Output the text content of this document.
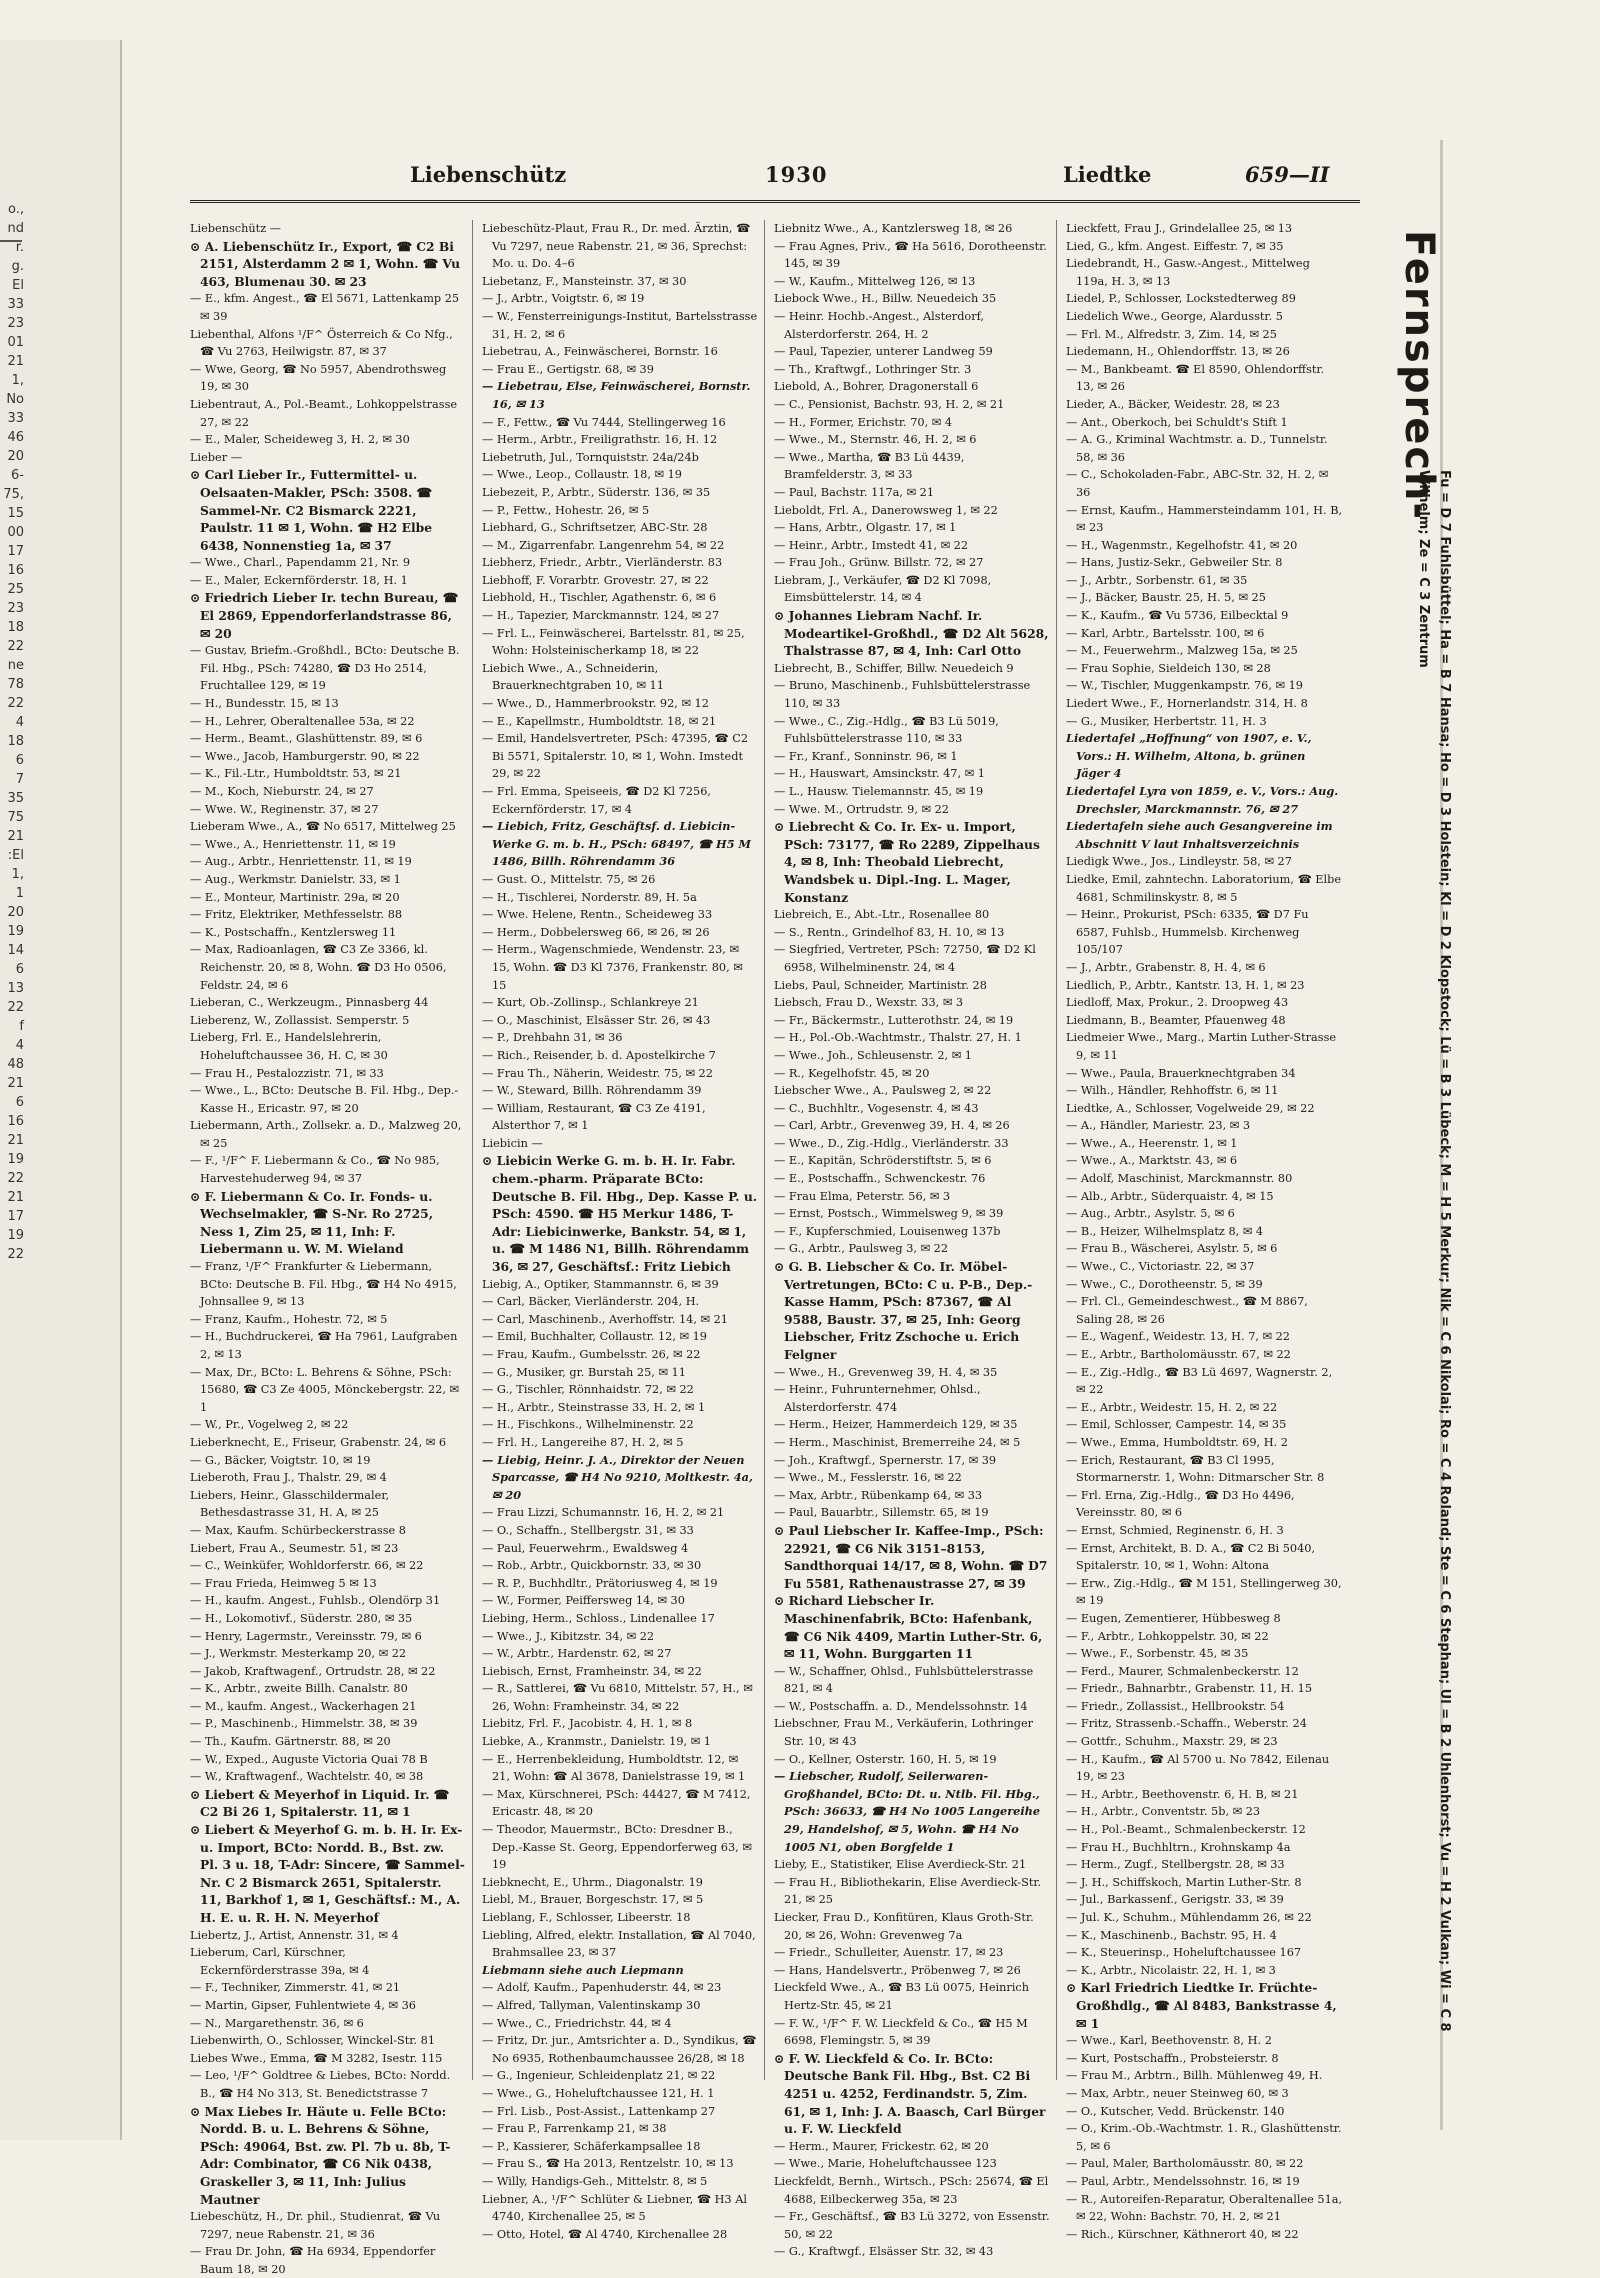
o.,
nd
r.
g.
El
33
23
01
21
1,
No
33
46
20
6-
75,
15
00
17
16
25
23
18
22
ne
78
22
4
18
6
7
35
75
21
:El
1,
1
20
19
14
6
13
22
f
4
48
21
6
16
21
19
22
21
17
19
22
Liebenschütz	1930	Liedtke	659—II
Liebenschütz —
⊙ A. Liebenschütz Ir., Export, ☎ C2 Bi 2151, Alsterdamm 2 ✉ 1, Wohn. ☎ Vu 463, Blumenau 30. ✉ 23
— E., kfm. Angest., ☎ El 5671, Lattenkamp 25 ✉ 39
Liebenthal, Alfons ¹/F^ Österreich & Co Nfg., ☎ Vu 2763, Heilwigstr. 87, ✉ 37
— Wwe, Georg, ☎ No 5957, Abendrothsweg 19, ✉ 30
Liebentraut, A., Pol.-Beamt., Lohkoppelstrasse 27, ✉ 22
— E., Maler, Scheideweg 3, H. 2, ✉ 30
Lieber —
⊙ Carl Lieber Ir., Futtermittel- u. Oelsaaten-Makler, PSch: 3508. ☎ Sammel-Nr. C2 Bismarck 2221, Paulstr. 11 ✉ 1, Wohn. ☎ H2 Elbe 6438, Nonnenstieg 1a, ✉ 37
— Wwe., Charl., Papendamm 21, Nr. 9
— E., Maler, Eckernförderstr. 18, H. 1
⊙ Friedrich Lieber Ir. techn Bureau, ☎ El 2869, Eppendorferlandstrasse 86, ✉ 20
— Gustav, Briefm.-Großhdl., BCto: Deutsche B. Fil. Hbg., PSch: 74280, ☎ D3 Ho 2514, Fruchtallee 129, ✉ 19
— H., Bundesstr. 15, ✉ 13
— H., Lehrer, Oberaltenallee 53a, ✉ 22
— Herm., Beamt., Glashüttenstr. 89, ✉ 6
— Wwe., Jacob, Hamburgerstr. 90, ✉ 22
— K., Fil.-Ltr., Humboldtstr. 53, ✉ 21
— M., Koch, Nieburstr. 24, ✉ 27
— Wwe. W., Reginenstr. 37, ✉ 27
Lieberam Wwe., A., ☎ No 6517, Mittelweg 25
— Wwe., A., Henriettenstr. 11, ✉ 19
— Aug., Arbtr., Henriettenstr. 11, ✉ 19
— Aug., Werkmstr. Danielstr. 33, ✉ 1
— E., Monteur, Martinistr. 29a, ✉ 20
— Fritz, Elektriker, Methfesselstr. 88
— K., Postschaffn., Kentzlersweg 11
— Max, Radioanlagen, ☎ C3 Ze 3366, kl. Reichenstr. 20, ✉ 8, Wohn. ☎ D3 Ho 0506, Feldstr. 24, ✉ 6
Lieberan, C., Werkzeugm., Pinnasberg 44
Lieberenz, W., Zollassist. Semperstr. 5
Lieberg, Frl. E., Handelslehrerin, Hoheluftchaussee 36, H. C, ✉ 30
— Frau H., Pestalozzistr. 71, ✉ 33
— Wwe., L., BCto: Deutsche B. Fil. Hbg., Dep.-Kasse H., Ericastr. 97, ✉ 20
Liebermann, Arth., Zollsekr. a. D., Malzweg 20, ✉ 25
— F., ¹/F^ F. Liebermann & Co., ☎ No 985, Harvestehuderweg 94, ✉ 37
⊙ F. Liebermann & Co. Ir. Fonds- u. Wechselmakler, ☎ S-Nr. Ro 2725, Ness 1, Zim 25, ✉ 11, Inh: F. Liebermann u. W. M. Wieland
— Franz, ¹/F^ Frankfurter & Liebermann, BCto: Deutsche B. Fil. Hbg., ☎ H4 No 4915, Johnsallee 9, ✉ 13
— Franz, Kaufm., Hohestr. 72, ✉ 5
— H., Buchdruckerei, ☎ Ha 7961, Laufgraben 2, ✉ 13
— Max, Dr., BCto: L. Behrens & Söhne, PSch: 15680, ☎ C3 Ze 4005, Mönckebergstr. 22, ✉ 1
— W., Pr., Vogelweg 2, ✉ 22
Lieberknecht, E., Friseur, Grabenstr. 24, ✉ 6
— G., Bäcker, Voigtstr. 10, ✉ 19
Lieberoth, Frau J., Thalstr. 29, ✉ 4
Liebers, Heinr., Glasschildermaler, Bethesdastrasse 31, H. A, ✉ 25
— Max, Kaufm. Schürbeckerstrasse 8
Liebert, Frau A., Seumestr. 51, ✉ 23
— C., Weinküfer, Wohldorferstr. 66, ✉ 22
— Frau Frieda, Heimweg 5 ✉ 13
— H., kaufm. Angest., Fuhlsb., Olendörp 31
— H., Lokomotivf., Süderstr. 280, ✉ 35
— Henry, Lagermstr., Vereinsstr. 79, ✉ 6
— J., Werkmstr. Mesterkamp 20, ✉ 22
— Jakob, Kraftwagenf., Ortrudstr. 28, ✉ 22
— K., Arbtr., zweite Billh. Canalstr. 80
— M., kaufm. Angest., Wackerhagen 21
— P., Maschinenb., Himmelstr. 38, ✉ 39
— Th., Kaufm. Gärtnerstr. 88, ✉ 20
— W., Exped., Auguste Victoria Quai 78 B
— W., Kraftwagenf., Wachtelstr. 40, ✉ 38
⊙ Liebert & Meyerhof in Liquid. Ir. ☎ C2 Bi 26 1, Spitalerstr. 11, ✉ 1
⊙ Liebert & Meyerhof G. m. b. H. Ir. Ex- u. Import, BCto: Nordd. B., Bst. zw. Pl. 3 u. 18, T-Adr: Sincere, ☎ Sammel-Nr. C 2 Bismarck 2651, Spitalerstr. 11, Barkhof 1, ✉ 1, Geschäftsf.: M., A. H. E. u. R. H. N. Meyerhof
Liebertz, J., Artist, Annenstr. 31, ✉ 4
Lieberum, Carl, Kürschner, Eckernförderstrasse 39a, ✉ 4
— F., Techniker, Zimmerstr. 41, ✉ 21
— Martin, Gipser, Fuhlentwiete 4, ✉ 36
— N., Margarethenstr. 36, ✉ 6
Liebenwirth, O., Schlosser, Winckel-Str. 81
Liebes Wwe., Emma, ☎ M 3282, Isestr. 115
— Leo, ¹/F^ Goldtree & Liebes, BCto: Nordd. B., ☎ H4 No 313, St. Benedictstrasse 7
⊙ Max Liebes Ir. Häute u. Felle BCto: Nordd. B. u. L. Behrens & Söhne, PSch: 49064, Bst. zw. Pl. 7b u. 8b, T-Adr: Combinator, ☎ C6 Nik 0438, Graskeller 3, ✉ 11, Inh: Julius Mautner
Liebeschütz, H., Dr. phil., Studienrat, ☎ Vu 7297, neue Rabenstr. 21, ✉ 36
— Frau Dr. John, ☎ Ha 6934, Eppendorfer Baum 18, ✉ 20
Liebeschütz-Plaut, Frau R., Dr. med. Ärztin, ☎ Vu 7297, neue Rabenstr. 21, ✉ 36, Sprechst: Mo. u. Do. 4–6
Liebetanz, F., Mansteinstr. 37, ✉ 30
— J., Arbtr., Voigtstr. 6, ✉ 19
— W., Fensterreinigungs-Institut, Bartelsstrasse 31, H. 2, ✉ 6
Liebetrau, A., Feinwäscherei, Bornstr. 16
— Frau E., Gertigstr. 68, ✉ 39
— Liebetrau, Else, Feinwäscherei, Bornstr. 16, ✉ 13
— F., Fettw., ☎ Vu 7444, Stellingerweg 16
— Herm., Arbtr., Freiligrathstr. 16, H. 12
Liebetruth, Jul., Tornquiststr. 24a/24b
— Wwe., Leop., Collaustr. 18, ✉ 19
Liebezeit, P., Arbtr., Süderstr. 136, ✉ 35
— P., Fettw., Hohestr. 26, ✉ 5
Liebhard, G., Schriftsetzer, ABC-Str. 28
— M., Zigarrenfabr. Langenrehm 54, ✉ 22
Liebherz, Friedr., Arbtr., Vierländerstr. 83
Liebhoff, F. Vorarbtr. Grovestr. 27, ✉ 22
Liebhold, H., Tischler, Agathenstr. 6, ✉ 6
— H., Tapezier, Marckmannstr. 124, ✉ 27
— Frl. L., Feinwäscherei, Bartelsstr. 81, ✉ 25, Wohn: Holsteinischerkamp 18, ✉ 22
Liebich Wwe., A., Schneiderin, Brauerknechtgraben 10, ✉ 11
— Wwe., D., Hammerbrookstr. 92, ✉ 12
— E., Kapellmstr., Humboldtstr. 18, ✉ 21
— Emil, Handelsvertreter, PSch: 47395, ☎ C2 Bi 5571, Spitalerstr. 10, ✉ 1, Wohn. Imstedt 29, ✉ 22
— Frl. Emma, Speiseeis, ☎ D2 Kl 7256, Eckernförderstr. 17, ✉ 4
— Liebich, Fritz, Geschäftsf. d. Liebicin-Werke G. m. b. H., PSch: 68497, ☎ H5 M 1486, Billh. Röhrendamm 36
— Gust. O., Mittelstr. 75, ✉ 26
— H., Tischlerei, Norderstr. 89, H. 5a
— Wwe. Helene, Rentn., Scheideweg 33
— Herm., Dobbelersweg 66, ✉ 26, ✉ 26
— Herm., Wagenschmiede, Wendenstr. 23, ✉ 15, Wohn. ☎ D3 Kl 7376, Frankenstr. 80, ✉ 15
— Kurt, Ob.-Zollinsp., Schlankreye 21
— O., Maschinist, Elsässer Str. 26, ✉ 43
— P., Drehbahn 31, ✉ 36
— Rich., Reisender, b. d. Apostelkirche 7
— Frau Th., Näherin, Weidestr. 75, ✉ 22
— W., Steward, Billh. Röhrendamm 39
— William, Restaurant, ☎ C3 Ze 4191, Alsterthor 7, ✉ 1
Liebicin —
⊙ Liebicin Werke G. m. b. H. Ir. Fabr. chem.-pharm. Präparate BCto: Deutsche B. Fil. Hbg., Dep. Kasse P. u. PSch: 4590. ☎ H5 Merkur 1486, T-Adr: Liebicinwerke, Bankstr. 54, ✉ 1, u. ☎ M 1486 N1, Billh. Röhrendamm 36, ✉ 27, Geschäftsf.: Fritz Liebich
Liebig, A., Optiker, Stammannstr. 6, ✉ 39
— Carl, Bäcker, Vierländerstr. 204, H.
— Carl, Maschinenb., Averhoffstr. 14, ✉ 21
— Emil, Buchhalter, Collaustr. 12, ✉ 19
— Frau, Kaufm., Gumbelsstr. 26, ✉ 22
— G., Musiker, gr. Burstah 25, ✉ 11
— G., Tischler, Rönnhaidstr. 72, ✉ 22
— H., Arbtr., Steinstrasse 33, H. 2, ✉ 1
— H., Fischkons., Wilhelminenstr. 22
— Frl. H., Langereihe 87, H. 2, ✉ 5
— Liebig, Heinr. J. A., Direktor der Neuen Sparcasse, ☎ H4 No 9210, Moltkestr. 4a, ✉ 20
— Frau Lizzi, Schumannstr. 16, H. 2, ✉ 21
— O., Schaffn., Stellbergstr. 31, ✉ 33
— Paul, Feuerwehrm., Ewaldsweg 4
— Rob., Arbtr., Quickbornstr. 33, ✉ 30
— R. P., Buchhdltr., Prätoriusweg 4, ✉ 19
— W., Former, Peiffersweg 14, ✉ 30
Liebing, Herm., Schloss., Lindenallee 17
— Wwe., J., Kibitzstr. 34, ✉ 22
— W., Arbtr., Hardenstr. 62, ✉ 27
Liebisch, Ernst, Framheinstr. 34, ✉ 22
— R., Sattlerei, ☎ Vu 6810, Mittelstr. 57, H., ✉ 26, Wohn: Framheinstr. 34, ✉ 22
Liebitz, Frl. F., Jacobistr. 4, H. 1, ✉ 8
Liebke, A., Kranmstr., Danielstr. 19, ✉ 1
— E., Herrenbekleidung, Humboldtstr. 12, ✉ 21, Wohn: ☎ Al 3678, Danielstrasse 19, ✉ 1
— Max, Kürschnerei, PSch: 44427, ☎ M 7412, Ericastr. 48, ✉ 20
— Theodor, Mauermstr., BCto: Dresdner B., Dep.-Kasse St. Georg, Eppendorferweg 63, ✉ 19
Liebknecht, E., Uhrm., Diagonalstr. 19
Liebl, M., Brauer, Borgeschstr. 17, ✉ 5
Lieblang, F., Schlosser, Libeerstr. 18
Liebling, Alfred, elektr. Installation, ☎ Al 7040, Brahmsallee 23, ✉ 37
Liebmann siehe auch Liepmann
— Adolf, Kaufm., Papenhuderstr. 44, ✉ 23
— Alfred, Tallyman, Valentinskamp 30
— Wwe., C., Friedrichstr. 44, ✉ 4
— Fritz, Dr. jur., Amtsrichter a. D., Syndikus, ☎ No 6935, Rothenbaumchaussee 26/28, ✉ 18
— G., Ingenieur, Schleidenplatz 21, ✉ 22
— Wwe., G., Hoheluftchaussee 121, H. 1
— Frl. Lisb., Post-Assist., Lattenkamp 27
— Frau P., Farrenkamp 21, ✉ 38
— P., Kassierer, Schäferkampsallee 18
— Frau S., ☎ Ha 2013, Rentzelstr. 10, ✉ 13
— Willy, Handigs-Geh., Mittelstr. 8, ✉ 5
Liebner, A., ¹/F^ Schlüter & Liebner, ☎ H3 Al 4740, Kirchenallee 25, ✉ 5
— Otto, Hotel, ☎ Al 4740, Kirchenallee 28
Liebnitz Wwe., A., Kantzlersweg 18, ✉ 26
— Frau Agnes, Priv., ☎ Ha 5616, Dorotheenstr. 145, ✉ 39
— W., Kaufm., Mittelweg 126, ✉ 13
Liebock Wwe., H., Billw. Neuedeich 35
— Heinr. Hochb.-Angest., Alsterdorf, Alsterdorferstr. 264, H. 2
— Paul, Tapezier, unterer Landweg 59
— Th., Kraftwgf., Lothringer Str. 3
Liebold, A., Bohrer, Dragonerstall 6
— C., Pensionist, Bachstr. 93, H. 2, ✉ 21
— H., Former, Erichstr. 70, ✉ 4
— Wwe., M., Sternstr. 46, H. 2, ✉ 6
— Wwe., Martha, ☎ B3 Lü 4439, Bramfelderstr. 3, ✉ 33
— Paul, Bachstr. 117a, ✉ 21
Lieboldt, Frl. A., Danerowsweg 1, ✉ 22
— Hans, Arbtr., Olgastr. 17, ✉ 1
— Heinr., Arbtr., Imstedt 41, ✉ 22
— Frau Joh., Grünw. Billstr. 72, ✉ 27
Liebram, J., Verkäufer, ☎ D2 Kl 7098, Eimsbüttelerstr. 14, ✉ 4
⊙ Johannes Liebram Nachf. Ir. Modeartikel-Großhdl., ☎ D2 Alt 5628, Thalstrasse 87, ✉ 4, Inh: Carl Otto
Liebrecht, B., Schiffer, Billw. Neuedeich 9
— Bruno, Maschinenb., Fuhlsbüttelerstrasse 110, ✉ 33
— Wwe., C., Zig.-Hdlg., ☎ B3 Lü 5019, Fuhlsbüttelerstrasse 110, ✉ 33
— Fr., Kranf., Sonninstr. 96, ✉ 1
— H., Hauswart, Amsinckstr. 47, ✉ 1
— L., Hausw. Tielemannstr. 45, ✉ 19
— Wwe. M., Ortrudstr. 9, ✉ 22
⊙ Liebrecht & Co. Ir. Ex- u. Import, PSch: 73177, ☎ Ro 2289, Zippelhaus 4, ✉ 8, Inh: Theobald Liebrecht, Wandsbek u. Dipl.-Ing. L. Mager, Konstanz
Liebreich, E., Abt.-Ltr., Rosenallee 80
— S., Rentn., Grindelhof 83, H. 10, ✉ 13
— Siegfried, Vertreter, PSch: 72750, ☎ D2 Kl 6958, Wilhelminenstr. 24, ✉ 4
Liebs, Paul, Schneider, Martinistr. 28
Liebsch, Frau D., Wexstr. 33, ✉ 3
— Fr., Bäckermstr., Lutterothstr. 24, ✉ 19
— H., Pol.-Ob.-Wachtmstr., Thalstr. 27, H. 1
— Wwe., Joh., Schleusenstr. 2, ✉ 1
— R., Kegelhofstr. 45, ✉ 20
Liebscher Wwe., A., Paulsweg 2, ✉ 22
— C., Buchhltr., Vogesenstr. 4, ✉ 43
— Carl, Arbtr., Grevenweg 39, H. 4, ✉ 26
— Wwe., D., Zig.-Hdlg., Vierländerstr. 33
— E., Kapitän, Schröderstiftstr. 5, ✉ 6
— E., Postschaffn., Schwenckestr. 76
— Frau Elma, Peterstr. 56, ✉ 3
— Ernst, Postsch., Wimmelsweg 9, ✉ 39
— F., Kupferschmied, Louisenweg 137b
— G., Arbtr., Paulsweg 3, ✉ 22
⊙ G. B. Liebscher & Co. Ir. Möbel-Vertretungen, BCto: C u. P-B., Dep.-Kasse Hamm, PSch: 87367, ☎ Al 9588, Baustr. 37, ✉ 25, Inh: Georg Liebscher, Fritz Zschoche u. Erich Felgner
— Wwe., H., Grevenweg 39, H. 4, ✉ 35
— Heinr., Fuhrunternehmer, Ohlsd., Alsterdorferstr. 474
— Herm., Heizer, Hammerdeich 129, ✉ 35
— Herm., Maschinist, Bremerreihe 24, ✉ 5
— Joh., Kraftwgf., Spernerstr. 17, ✉ 39
— Wwe., M., Fesslerstr. 16, ✉ 22
— Max, Arbtr., Rübenkamp 64, ✉ 33
— Paul, Bauarbtr., Sillemstr. 65, ✉ 19
⊙ Paul Liebscher Ir. Kaffee-Imp., PSch: 22921, ☎ C6 Nik 3151–8153, Sandthorquai 14/17, ✉ 8, Wohn. ☎ D7 Fu 5581, Rathenaustrasse 27, ✉ 39
⊙ Richard Liebscher Ir. Maschinenfabrik, BCto: Hafenbank, ☎ C6 Nik 4409, Martin Luther-Str. 6, ✉ 11, Wohn. Burggarten 11
— W., Schaffner, Ohlsd., Fuhlsbüttelerstrasse 821, ✉ 4
— W., Postschaffn. a. D., Mendelssohnstr. 14
Liebschner, Frau M., Verkäuferin, Lothringer Str. 10, ✉ 43
— O., Kellner, Osterstr. 160, H. 5, ✉ 19
— Liebscher, Rudolf, Seilerwaren-Großhandel, BCto: Dt. u. Ntlb. Fil. Hbg., PSch: 36633, ☎ H4 No 1005 Langereihe 29, Handelshof, ✉ 5, Wohn. ☎ H4 No 1005 N1, oben Borgfelde 1
Lieby, E., Statistiker, Elise Averdieck-Str. 21
— Frau H., Bibliothekarin, Elise Averdieck-Str. 21, ✉ 25
Liecker, Frau D., Konfitüren, Klaus Groth-Str. 20, ✉ 26, Wohn: Grevenweg 7a
— Friedr., Schulleiter, Auenstr. 17, ✉ 23
— Hans, Handelsvertr., Pröbenweg 7, ✉ 26
Lieckfeld Wwe., A., ☎ B3 Lü 0075, Heinrich Hertz-Str. 45, ✉ 21
— F. W., ¹/F^ F. W. Lieckfeld & Co., ☎ H5 M 6698, Flemingstr. 5, ✉ 39
⊙ F. W. Lieckfeld & Co. Ir. BCto: Deutsche Bank Fil. Hbg., Bst. C2 Bi 4251 u. 4252, Ferdinandstr. 5, Zim. 61, ✉ 1, Inh: J. A. Baasch, Carl Bürger u. F. W. Lieckfeld
— Herm., Maurer, Frickestr. 62, ✉ 20
— Wwe., Marie, Hoheluftchaussee 123
Lieckfeldt, Bernh., Wirtsch., PSch: 25674, ☎ El 4688, Eilbeckerweg 35a, ✉ 23
— Fr., Geschäftsf., ☎ B3 Lü 3272, von Essenstr. 50, ✉ 22
— G., Kraftwgf., Elsässer Str. 32, ✉ 43
Lieckfett, Frau J., Grindelallee 25, ✉ 13
Lied, G., kfm. Angest. Eiffestr. 7, ✉ 35
Liedebrandt, H., Gasw.-Angest., Mittelweg 119a, H. 3, ✉ 13
Liedel, P., Schlosser, Lockstedterweg 89
Liedelich Wwe., George, Alardusstr. 5
— Frl. M., Alfredstr. 3, Zim. 14, ✉ 25
Liedemann, H., Ohlendorffstr. 13, ✉ 26
— M., Bankbeamt. ☎ El 8590, Ohlendorffstr. 13, ✉ 26
Lieder, A., Bäcker, Weidestr. 28, ✉ 23
— Ant., Oberkoch, bei Schuldt's Stift 1
— A. G., Kriminal Wachtmstr. a. D., Tunnelstr. 58, ✉ 36
— C., Schokoladen-Fabr., ABC-Str. 32, H. 2, ✉ 36
— Ernst, Kaufm., Hammersteindamm 101, H. B, ✉ 23
— H., Wagenmstr., Kegelhofstr. 41, ✉ 20
— Hans, Justiz-Sekr., Gebweiler Str. 8
— J., Arbtr., Sorbenstr. 61, ✉ 35
— J., Bäcker, Baustr. 25, H. 5, ✉ 25
— K., Kaufm., ☎ Vu 5736, Eilbecktal 9
— Karl, Arbtr., Bartelsstr. 100, ✉ 6
— M., Feuerwehrm., Malzweg 15a, ✉ 25
— Frau Sophie, Sieldeich 130, ✉ 28
— W., Tischler, Muggenkampstr. 76, ✉ 19
Liedert Wwe., F., Hornerlandstr. 314, H. 8
— G., Musiker, Herbertstr. 11, H. 3
Liedertafel „Hoffnung“ von 1907, e. V., Vors.: H. Wilhelm, Altona, b. grünen Jäger 4
Liedertafel Lyra von 1859, e. V., Vors.: Aug. Drechsler, Marckmannstr. 76, ✉ 27
Liedertafeln siehe auch Gesangvereine im Abschnitt V laut Inhaltsverzeichnis
Liedigk Wwe., Jos., Lindleystr. 58, ✉ 27
Liedke, Emil, zahntechn. Laboratorium, ☎ Elbe 4681, Schmilinskystr. 8, ✉ 5
— Heinr., Prokurist, PSch: 6335, ☎ D7 Fu 6587, Fuhlsb., Hummelsb. Kirchenweg 105/107
— J., Arbtr., Grabenstr. 8, H. 4, ✉ 6
Liedlich, P., Arbtr., Kantstr. 13, H. 1, ✉ 23
Liedloff, Max, Prokur., 2. Droopweg 43
Liedmann, B., Beamter, Pfauenweg 48
Liedmeier Wwe., Marg., Martin Luther-Strasse 9, ✉ 11
— Wwe., Paula, Brauerknechtgraben 34
— Wilh., Händler, Rehhoffstr. 6, ✉ 11
Liedtke, A., Schlosser, Vogelweide 29, ✉ 22
— A., Händler, Mariestr. 23, ✉ 3
— Wwe., A., Heerenstr. 1, ✉ 1
— Wwe., A., Marktstr. 43, ✉ 6
— Adolf, Maschinist, Marckmannstr. 80
— Alb., Arbtr., Süderquaistr. 4, ✉ 15
— Aug., Arbtr., Asylstr. 5, ✉ 6
— B., Heizer, Wilhelmsplatz 8, ✉ 4
— Frau B., Wäscherei, Asylstr. 5, ✉ 6
— Wwe., C., Victoriastr. 22, ✉ 37
— Wwe., C., Dorotheenstr. 5, ✉ 39
— Frl. Cl., Gemeindeschwest., ☎ M 8867, Saling 28, ✉ 26
— E., Wagenf., Weidestr. 13, H. 7, ✉ 22
— E., Arbtr., Bartholomäusstr. 67, ✉ 22
— E., Zig.-Hdlg., ☎ B3 Lü 4697, Wagnerstr. 2, ✉ 22
— E., Arbtr., Weidestr. 15, H. 2, ✉ 22
— Emil, Schlosser, Campestr. 14, ✉ 35
— Wwe., Emma, Humboldtstr. 69, H. 2
— Erich, Restaurant, ☎ B3 Cl 1995, Stormarnerstr. 1, Wohn: Ditmarscher Str. 8
— Frl. Erna, Zig.-Hdlg., ☎ D3 Ho 4496, Vereinsstr. 80, ✉ 6
— Ernst, Schmied, Reginenstr. 6, H. 3
— Ernst, Architekt, B. D. A., ☎ C2 Bi 5040, Spitalerstr. 10, ✉ 1, Wohn: Altona
— Erw., Zig.-Hdlg., ☎ M 151, Stellingerweg 30, ✉ 19
— Eugen, Zementierer, Hübbesweg 8
— F., Arbtr., Lohkoppelstr. 30, ✉ 22
— Wwe., F., Sorbenstr. 45, ✉ 35
— Ferd., Maurer, Schmalenbeckerstr. 12
— Friedr., Bahnarbtr., Grabenstr. 11, H. 15
— Friedr., Zollassist., Hellbrookstr. 54
— Fritz, Strassenb.-Schaffn., Weberstr. 24
— Gottfr., Schuhm., Maxstr. 29, ✉ 23
— H., Kaufm., ☎ Al 5700 u. No 7842, Eilenau 19, ✉ 23
— H., Arbtr., Beethovenstr. 6, H. B, ✉ 21
— H., Arbtr., Conventstr. 5b, ✉ 23
— H., Pol.-Beamt., Schmalenbeckerstr. 12
— Frau H., Buchhltrn., Krohnskamp 4a
— Herm., Zugf., Stellbergstr. 28, ✉ 33
— J. H., Schiffskoch, Martin Luther-Str. 8
— Jul., Barkassenf., Gerigstr. 33, ✉ 39
— Jul. K., Schuhm., Mühlendamm 26, ✉ 22
— K., Maschinenb., Bachstr. 95, H. 4
— K., Steuerinsp., Hoheluftchaussee 167
— K., Arbtr., Nicolaistr. 22, H. 1, ✉ 3
⊙ Karl Friedrich Liedtke Ir. Früchte-Großhdlg., ☎ Al 8483, Bankstrasse 4, ✉ 1
— Wwe., Karl, Beethovenstr. 8, H. 2
— Kurt, Postschaffn., Probsteierstr. 8
— Frau M., Arbtrn., Billh. Mühlenweg 49, H.
— Max, Arbtr., neuer Steinweg 60, ✉ 3
— O., Kutscher, Vedd. Brückenstr. 140
— O., Krim.-Ob.-Wachtmstr. 1. R., Glashüttenstr. 5, ✉ 6
— Paul, Maler, Bartholomäusstr. 80, ✉ 22
— Paul, Arbtr., Mendelssohnstr. 16, ✉ 19
— R., Autoreifen-Reparatur, Oberaltenallee 51a, ✉ 22, Wohn: Bachstr. 70, H. 2, ✉ 21
— Rich., Kürschner, Käthnerort 40, ✉ 22
Fernsprech-
Fu = D 7 Fuhlsbüttel; Ha = B 7 Hansa; Ho = D 3 Holstein; Kl = D 2 Klopstock; Lü = B 3 Lübeck; M = H 5 Merkur; Nik = C 6 Nikolai; Ro = C 4 Roland; Ste = C 6 Stephan; Ul = B 2 Uhlenhorst; Vu = H 2 Vulkan; Wi = C 8 Wilhelm; Ze = C 3 Zentrum
